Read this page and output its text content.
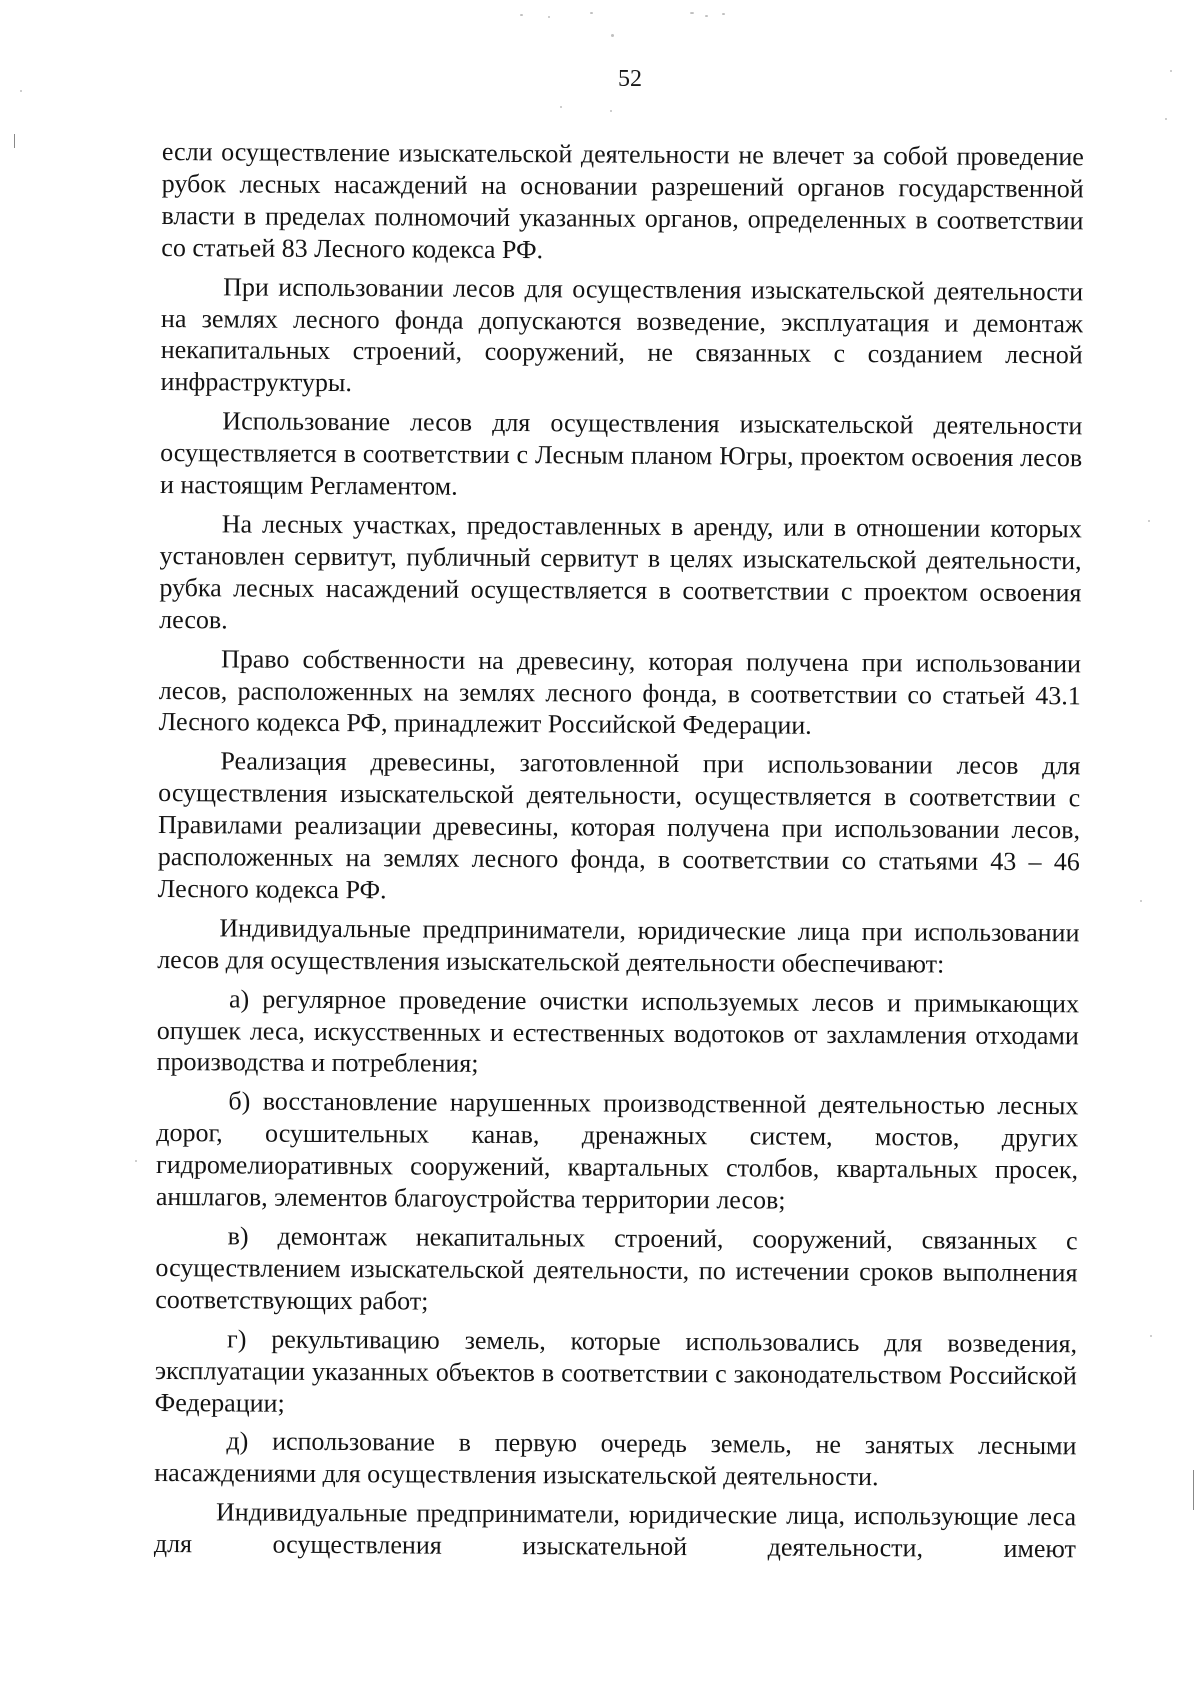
52

если осуществление изыскательской деятельности не влечет за собой проведение рубок лесных насаждений на основании разрешений органов государственной власти в пределах полномочий указанных органов, определенных в соответствии со статьей 83 Лесного кодекса РФ.

При использовании лесов для осуществления изыскательской деятельности на землях лесного фонда допускаются возведение, эксплуатация и демонтаж некапитальных строений, сооружений, не связанных с созданием лесной инфраструктуры.

Использование лесов для осуществления изыскательской деятельности осуществляется в соответствии с Лесным планом Югры, проектом освоения лесов и настоящим Регламентом.

На лесных участках, предоставленных в аренду, или в отношении которых установлен сервитут, публичный сервитут в целях изыскательской деятельности, рубка лесных насаждений осуществляется в соответствии с проектом освоения лесов.

Право собственности на древесину, которая получена при использовании лесов, расположенных на землях лесного фонда, в соответствии со статьей 43.1 Лесного кодекса РФ, принадлежит Российской Федерации.

Реализация древесины, заготовленной при использовании лесов для осуществления изыскательской деятельности, осуществляется в соответствии с Правилами реализации древесины, которая получена при использовании лесов, расположенных на землях лесного фонда, в соответствии со статьями 43 – 46 Лесного кодекса РФ.

Индивидуальные предприниматели, юридические лица при использовании лесов для осуществления изыскательской деятельности обеспечивают:

а) регулярное проведение очистки используемых лесов и примыкающих опушек леса, искусственных и естественных водотоков от захламления отходами производства и потребления;

б) восстановление нарушенных производственной деятельностью лесных дорог, осушительных канав, дренажных систем, мостов, других гидромелиоративных сооружений, квартальных столбов, квартальных просек, аншлагов, элементов благоустройства территории лесов;

в) демонтаж некапитальных строений, сооружений, связанных с осуществлением изыскательской деятельности, по истечении сроков выполнения соответствующих работ;

г) рекультивацию земель, которые использовались для возведения, эксплуатации указанных объектов в соответствии с законодательством Российской Федерации;

д) использование в первую очередь земель, не занятых лесными насаждениями для осуществления изыскательской деятельности.

Индивидуальные предприниматели, юридические лица, использующие леса для осуществления изыскательной деятельности, имеют
